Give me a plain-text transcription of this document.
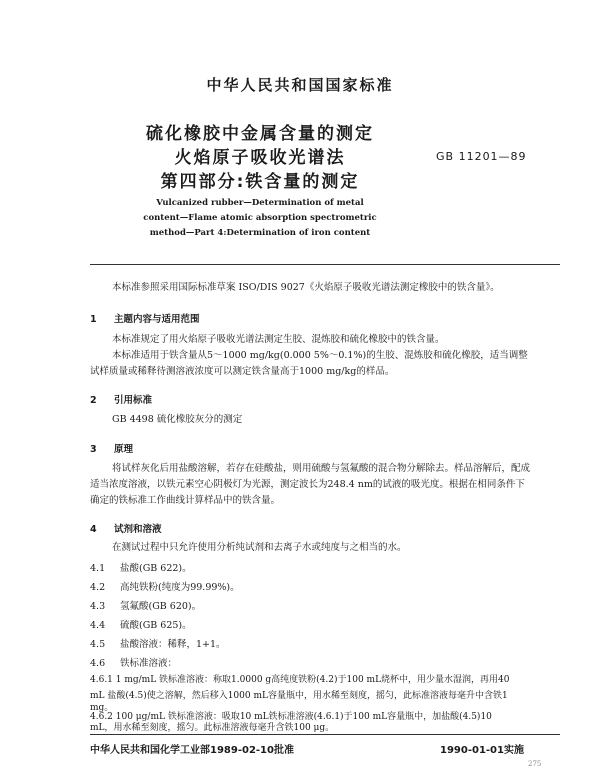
中华人民共和国国家标准
硫化橡胶中金属含量的测定
火焰原子吸收光谱法
第四部分:铁含量的测定
GB 11201—89
Vulcanized rubber—Determination of metal
content—Flame atomic absorption spectrometric
method—Part 4:Determination of iron content
本标准参照采用国际标准草案 ISO/DIS 9027《火焰原子吸收光谱法测定橡胶中的铁含量》。
1 主题内容与适用范围
本标准规定了用火焰原子吸收光谱法测定生胶、混炼胶和硫化橡胶中的铁含量。
本标准适用于铁含量从5～1000 mg/kg(0.000 5%～0.1%)的生胶、混炼胶和硫化橡胶，适当调整
试样质量或稀释待测溶液浓度可以测定铁含量高于1000 mg/kg的样品。
2 引用标准
GB 4498 硫化橡胶灰分的测定
3 原理
将试样灰化后用盐酸溶解，若存在硅酸盐，则用硫酸与氢氟酸的混合物分解除去。样品溶解后，配成
适当浓度溶液，以铁元素空心阴极灯为光源，测定波长为248.4 nm的试液的吸光度。根据在相同条件下
确定的铁标准工作曲线计算样品中的铁含量。
4 试剂和溶液
在测试过程中只允许使用分析纯试剂和去离子水或纯度与之相当的水。
4.1 盐酸(GB 622)。
4.2 高纯铁粉(纯度为99.99%)。
4.3 氢氟酸(GB 620)。
4.4 硫酸(GB 625)。
4.5 盐酸溶液：稀释，1+1。
4.6 铁标准溶液：
4.6.1 1 mg/mL 铁标准溶液：称取1.0000 g高纯度铁粉(4.2)于100 mL烧杯中，用少量水湿润，再用40
mL 盐酸(4.5)使之溶解，然后移入1000 mL容量瓶中，用水稀至刻度，摇匀，此标准溶液每毫升中含铁1
mg。
4.6.2 100 μg/mL 铁标准溶液：吸取10 mL铁标准溶液(4.6.1)于100 mL容量瓶中，加盐酸(4.5)10
mL，用水稀至刻度，摇匀。此标准溶液每毫升含铁100 μg。
中华人民共和国化学工业部1989-02-10批准	1990-01-01实施
275
